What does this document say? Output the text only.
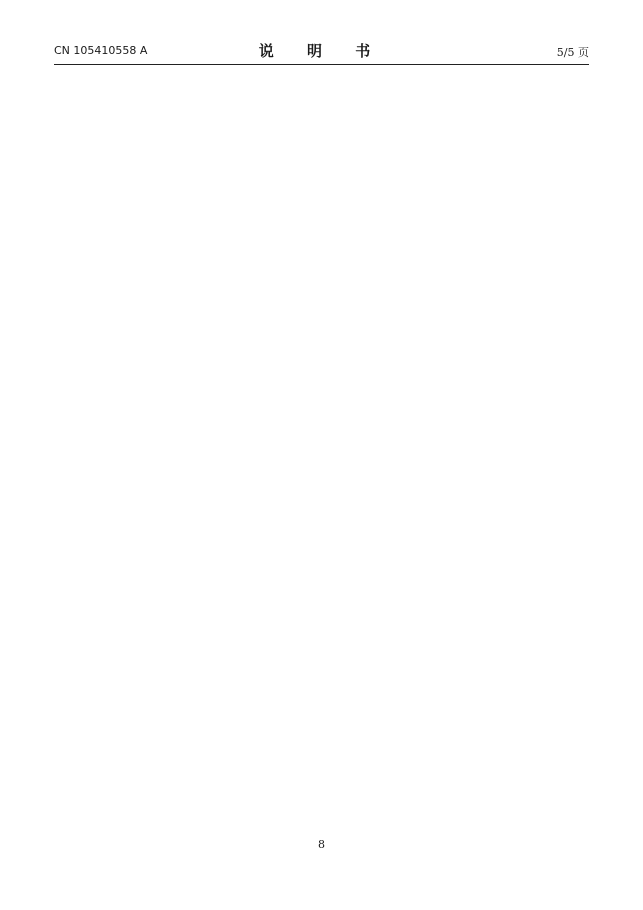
CN 105410558 A	说 明 书	5/5 页
8
